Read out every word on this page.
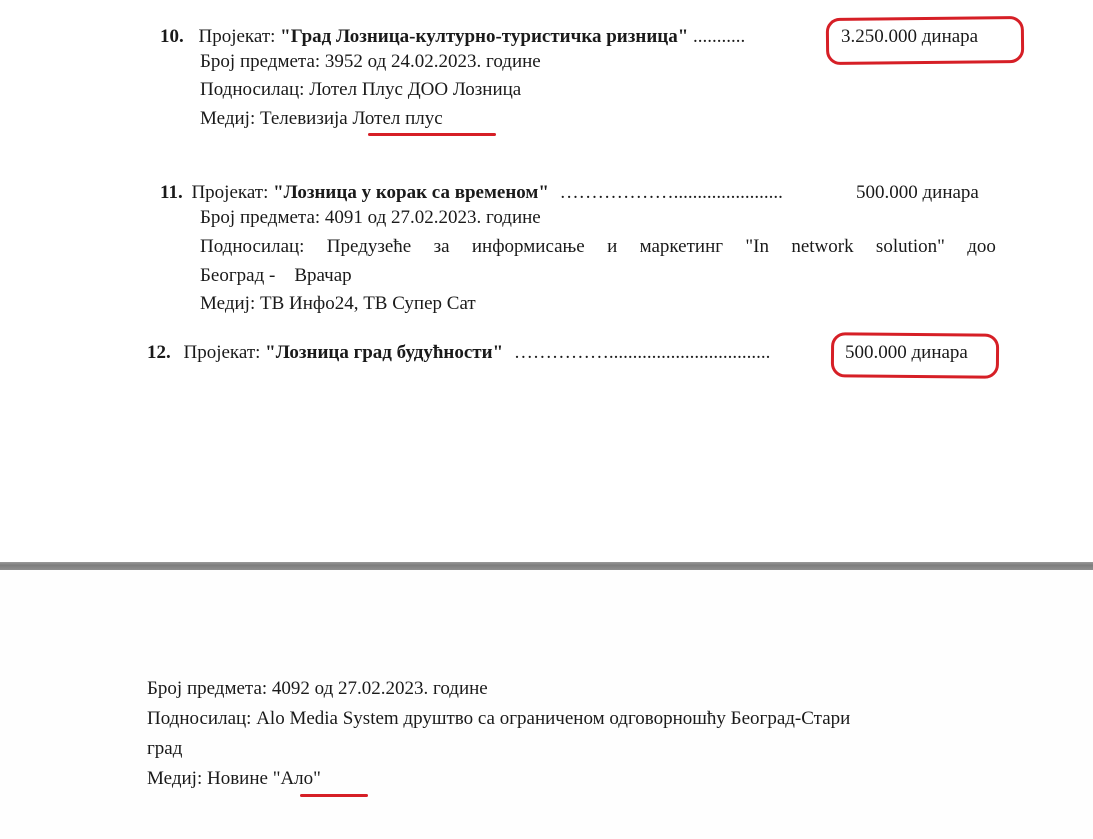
10. Пројекат: "Град Лозница-културно-туристичка ризница" ...........	3.250.000 динара
Број предмета: 3952 од 24.02.2023. године
Подносилац: Лотел Плус ДОО Лозница
Медиј: Телевизија Лотел плус
11. Пројекат: "Лозница у корак са временом" ……………….......................	500.000 динара
Број предмета: 4091 од 27.02.2023. године
Подносилац: Предузеће за информисање и маркетинг "In network solution" доо
Београд -    Врачар
Медиј: ТВ Инфо24, ТВ Супер Сат
12. Пројекат: "Лозница град будућности" ……………..................................	500.000 динара
Број предмета: 4092 од 27.02.2023. године
Подносилац: Alo Media System друштво са ограниченом одговорношћу Београд-Стари
град
Медиј: Новине "Ало"
